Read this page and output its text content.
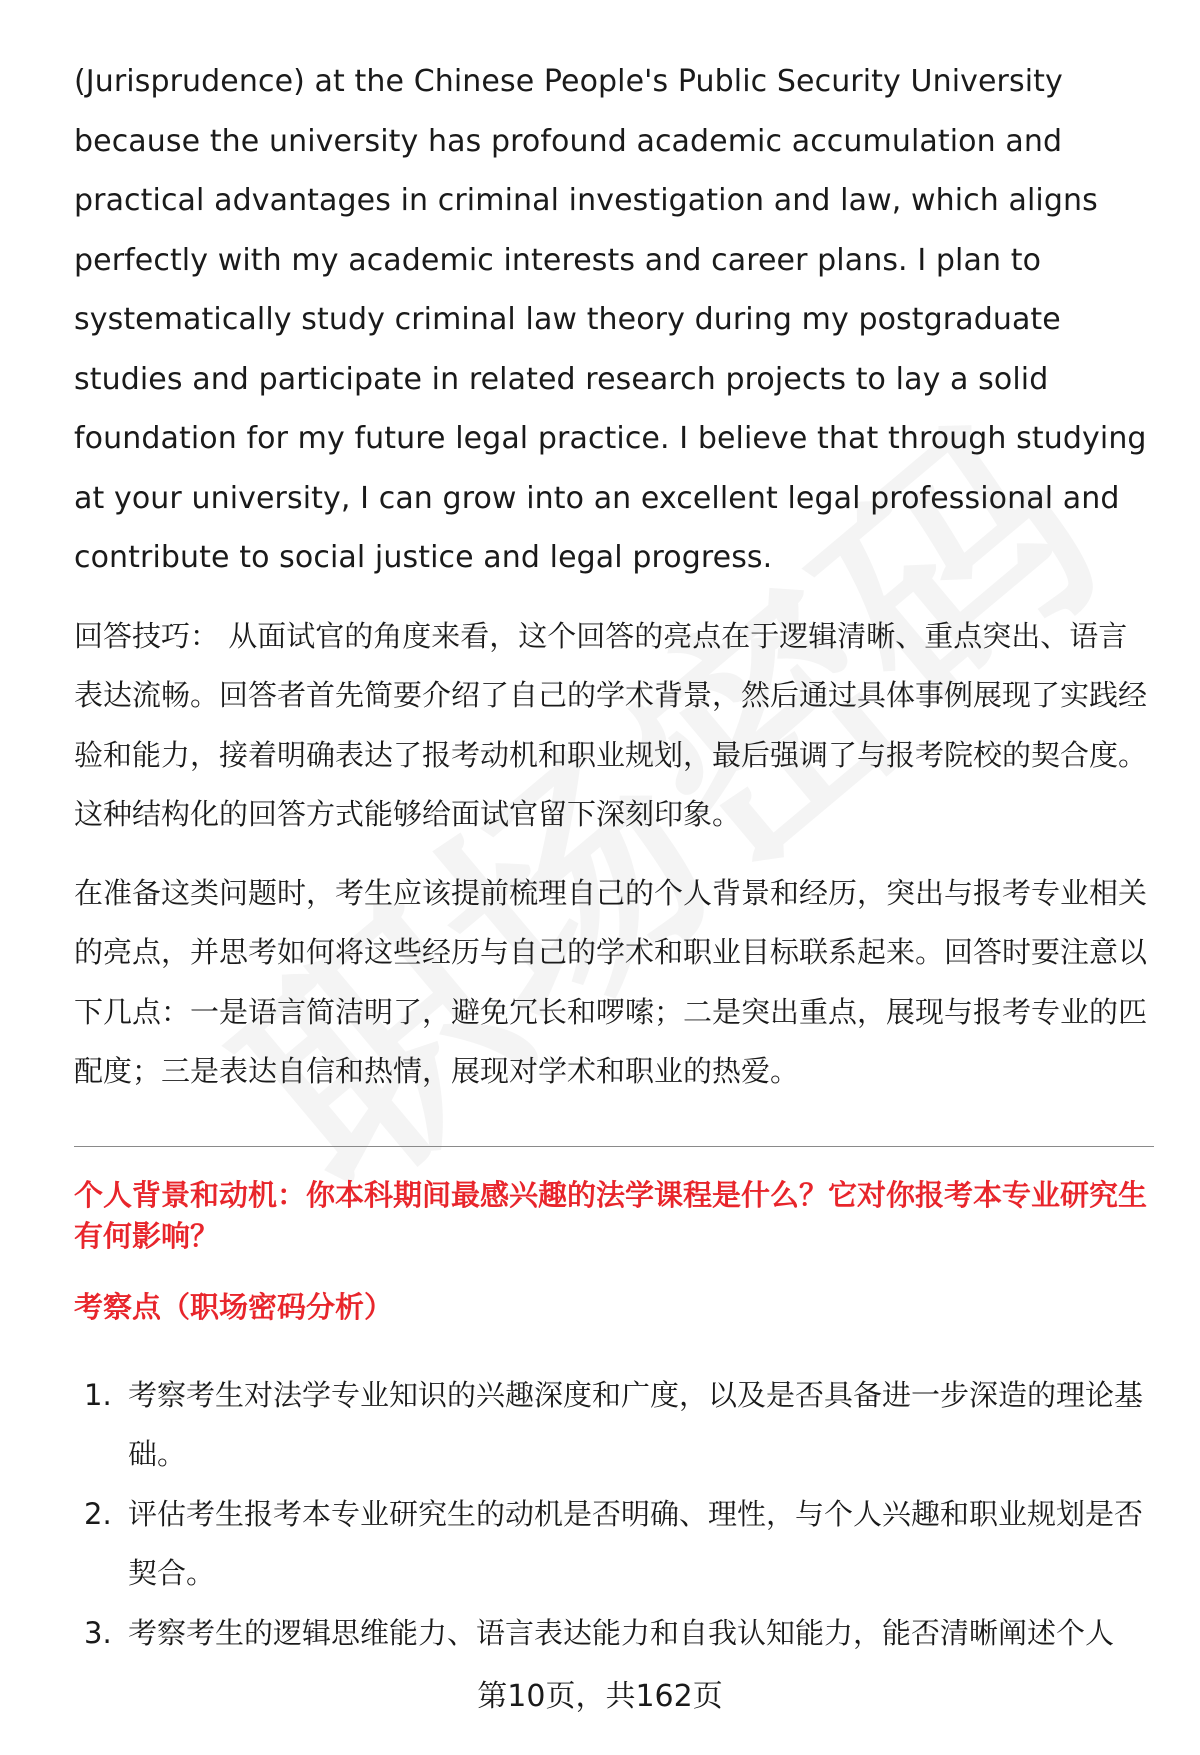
(Jurisprudence) at the Chinese People's Public Security University because the university has profound academic accumulation and practical advantages in criminal investigation and law, which aligns perfectly with my academic interests and career plans. I plan to systematically study criminal law theory during my postgraduate studies and participate in related research projects to lay a solid foundation for my future legal practice. I believe that through studying at your university, I can grow into an excellent legal professional and contribute to social justice and legal progress.

回答技巧： 从面试官的角度来看，这个回答的亮点在于逻辑清晰、重点突出、语言表达流畅。回答者首先简要介绍了自己的学术背景，然后通过具体事例展现了实践经验和能力，接着明确表达了报考动机和职业规划，最后强调了与报考院校的契合度。这种结构化的回答方式能够给面试官留下深刻印象。

在准备这类问题时，考生应该提前梳理自己的个人背景和经历，突出与报考专业相关的亮点，并思考如何将这些经历与自己的学术和职业目标联系起来。回答时要注意以下几点：一是语言简洁明了，避免冗长和啰嗦；二是突出重点，展现与报考专业的匹配度；三是表达自信和热情，展现对学术和职业的热爱。

个人背景和动机：你本科期间最感兴趣的法学课程是什么？它对你报考本专业研究生有何影响？
考察点（职场密码分析）
1. 考察考生对法学专业知识的兴趣深度和广度，以及是否具备进一步深造的理论基础。
2. 评估考生报考本专业研究生的动机是否明确、理性，与个人兴趣和职业规划是否契合。
3. 考察考生的逻辑思维能力、语言表达能力和自我认知能力，能否清晰阐述个人
第10页，共162页
